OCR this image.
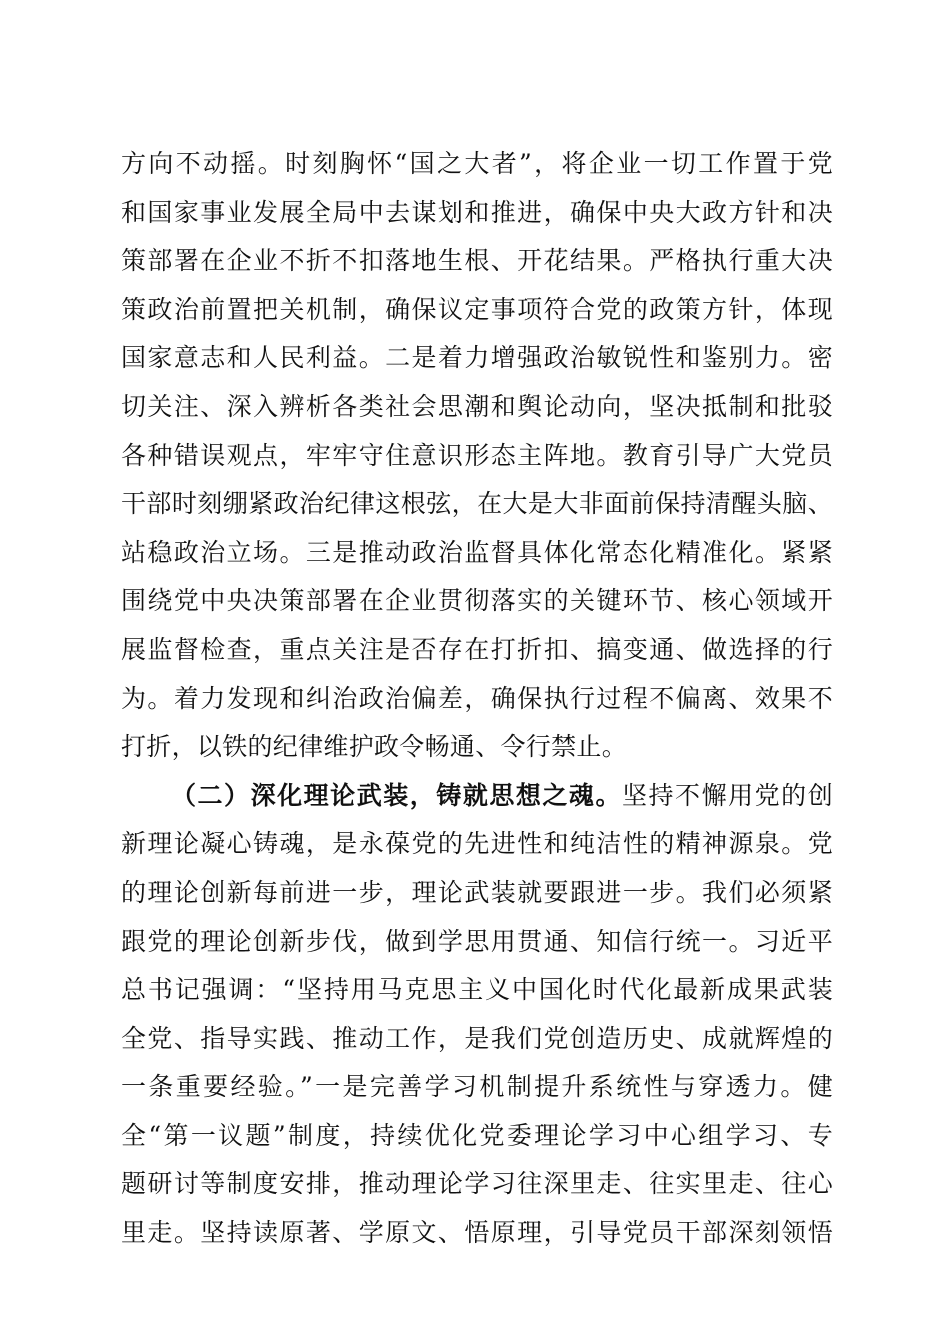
方向不动摇。时刻胸怀“国之大者”，将企业一切工作置于党
和国家事业发展全局中去谋划和推进，确保中央大政方针和决
策部署在企业不折不扣落地生根、开花结果。严格执行重大决
策政治前置把关机制，确保议定事项符合党的政策方针，体现
国家意志和人民利益。二是着力增强政治敏锐性和鉴别力。密
切关注、深入辨析各类社会思潮和舆论动向，坚决抵制和批驳
各种错误观点，牢牢守住意识形态主阵地。教育引导广大党员
干部时刻绷紧政治纪律这根弦，在大是大非面前保持清醒头脑、
站稳政治立场。三是推动政治监督具体化常态化精准化。紧紧
围绕党中央决策部署在企业贯彻落实的关键环节、核心领域开
展监督检查，重点关注是否存在打折扣、搞变通、做选择的行
为。着力发现和纠治政治偏差，确保执行过程不偏离、效果不
打折，以铁的纪律维护政令畅通、令行禁止。
（二）深化理论武装，铸就思想之魂。坚持不懈用党的创
新理论凝心铸魂，是永葆党的先进性和纯洁性的精神源泉。党
的理论创新每前进一步，理论武装就要跟进一步。我们必须紧
跟党的理论创新步伐，做到学思用贯通、知信行统一。习近平
总书记强调：“坚持用马克思主义中国化时代化最新成果武装
全党、指导实践、推动工作，是我们党创造历史、成就辉煌的
一条重要经验。”一是完善学习机制提升系统性与穿透力。健
全“第一议题”制度，持续优化党委理论学习中心组学习、专
题研讨等制度安排，推动理论学习往深里走、往实里走、往心
里走。坚持读原著、学原文、悟原理，引导党员干部深刻领悟
